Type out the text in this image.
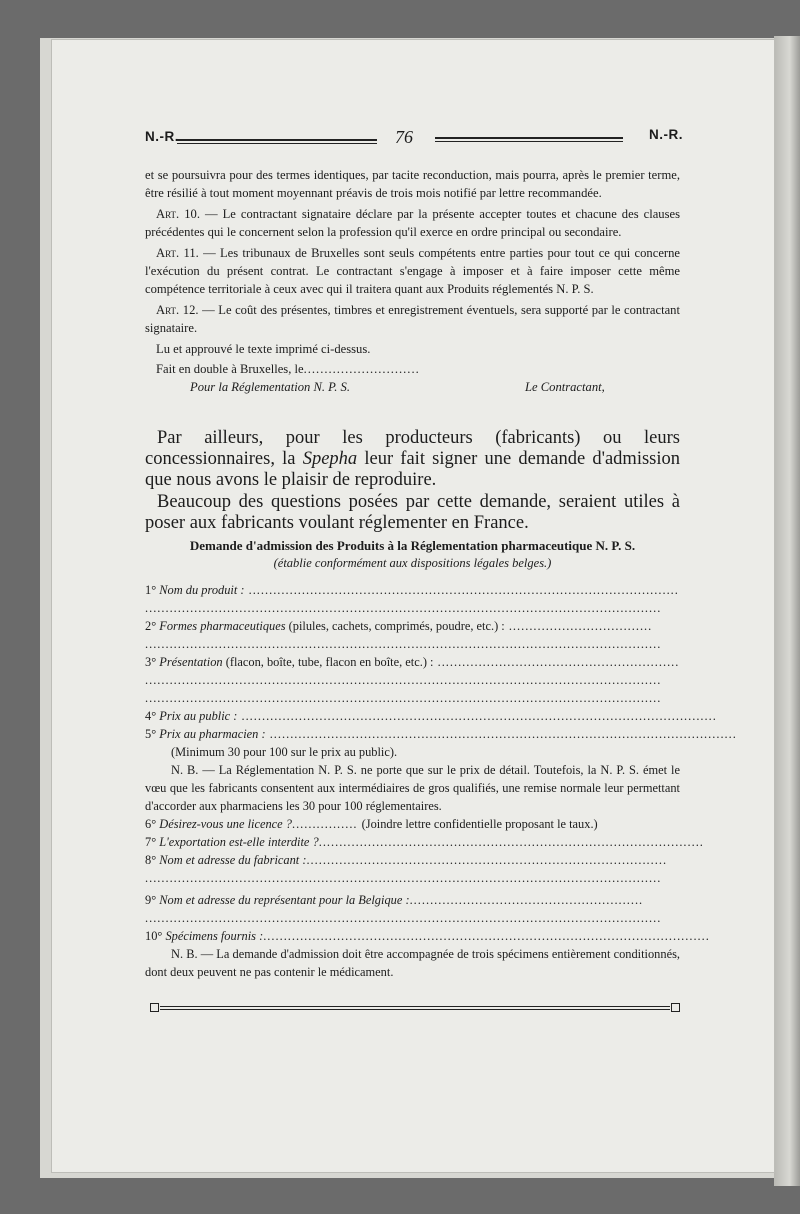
N.-R.	76	N.-R.

et se poursuivra pour des termes identiques, par tacite reconduction, mais pourra, après le premier terme, être résilié à tout moment moyennant préavis de trois mois notifié par lettre recommandée.

Art. 10. — Le contractant signataire déclare par la présente accepter toutes et chacune des clauses précédentes qui le concernent selon la profession qu'il exerce en ordre principal ou secondaire.

Art. 11. — Les tribunaux de Bruxelles sont seuls compétents entre parties pour tout ce qui concerne l'exécution du présent contrat. Le contractant s'engage à imposer et à faire imposer cette même compétence territoriale à ceux avec qui il traitera quant aux Produits réglementés N. P. S.

Art. 12. — Le coût des présentes, timbres et enregistrement éventuels, sera supporté par le contractant signataire.

Lu et approuvé le texte imprimé ci-dessus.

Fait en double à Bruxelles, le............................

Pour la Réglementation N. P. S.	Le Contractant,

Par ailleurs, pour les producteurs (fabricants) ou leurs concessionnaires, la Spepha leur fait signer une demande d'admission que nous avons le plaisir de reproduire.

Beaucoup des questions posées par cette demande, seraient utiles à poser aux fabricants voulant réglementer en France.

Demande d'admission des Produits à la Réglementation pharmaceutique N. P. S.

(établie conformément aux dispositions légales belges.)

1° Nom du produit : .........................................................................................................
..............................................................................................................................
2° Formes pharmaceutiques (pilules, cachets, comprimés, poudre, etc.) : ...................................
..............................................................................................................................
3° Présentation (flacon, boîte, tube, flacon en boîte, etc.) : ...........................................................
..............................................................................................................................
..............................................................................................................................
4° Prix au public : ....................................................................................................................
5° Prix au pharmacien : ..................................................................................................................
(Minimum 30 pour 100 sur le prix au public).

N. B. — La Réglementation N. P. S. ne porte que sur le prix de détail. Toutefois, la N. P. S. émet le vœu que les fabricants consentent aux intermédiaires de gros qualifiés, une remise normale leur permettant d'accorder aux pharmaciens les 30 pour 100 réglementaires.

6° Désirez-vous une licence ?................ (Joindre lettre confidentielle proposant le taux.)
7° L'exportation est-elle interdite ?..............................................................................................
8° Nom et adresse du fabricant :........................................................................................
..............................................................................................................................
9° Nom et adresse du représentant pour la Belgique :.........................................................
..............................................................................................................................
10° Spécimens fournis :.............................................................................................................

N. B. — La demande d'admission doit être accompagnée de trois spécimens entièrement conditionnés, dont deux peuvent ne pas contenir le médicament.
